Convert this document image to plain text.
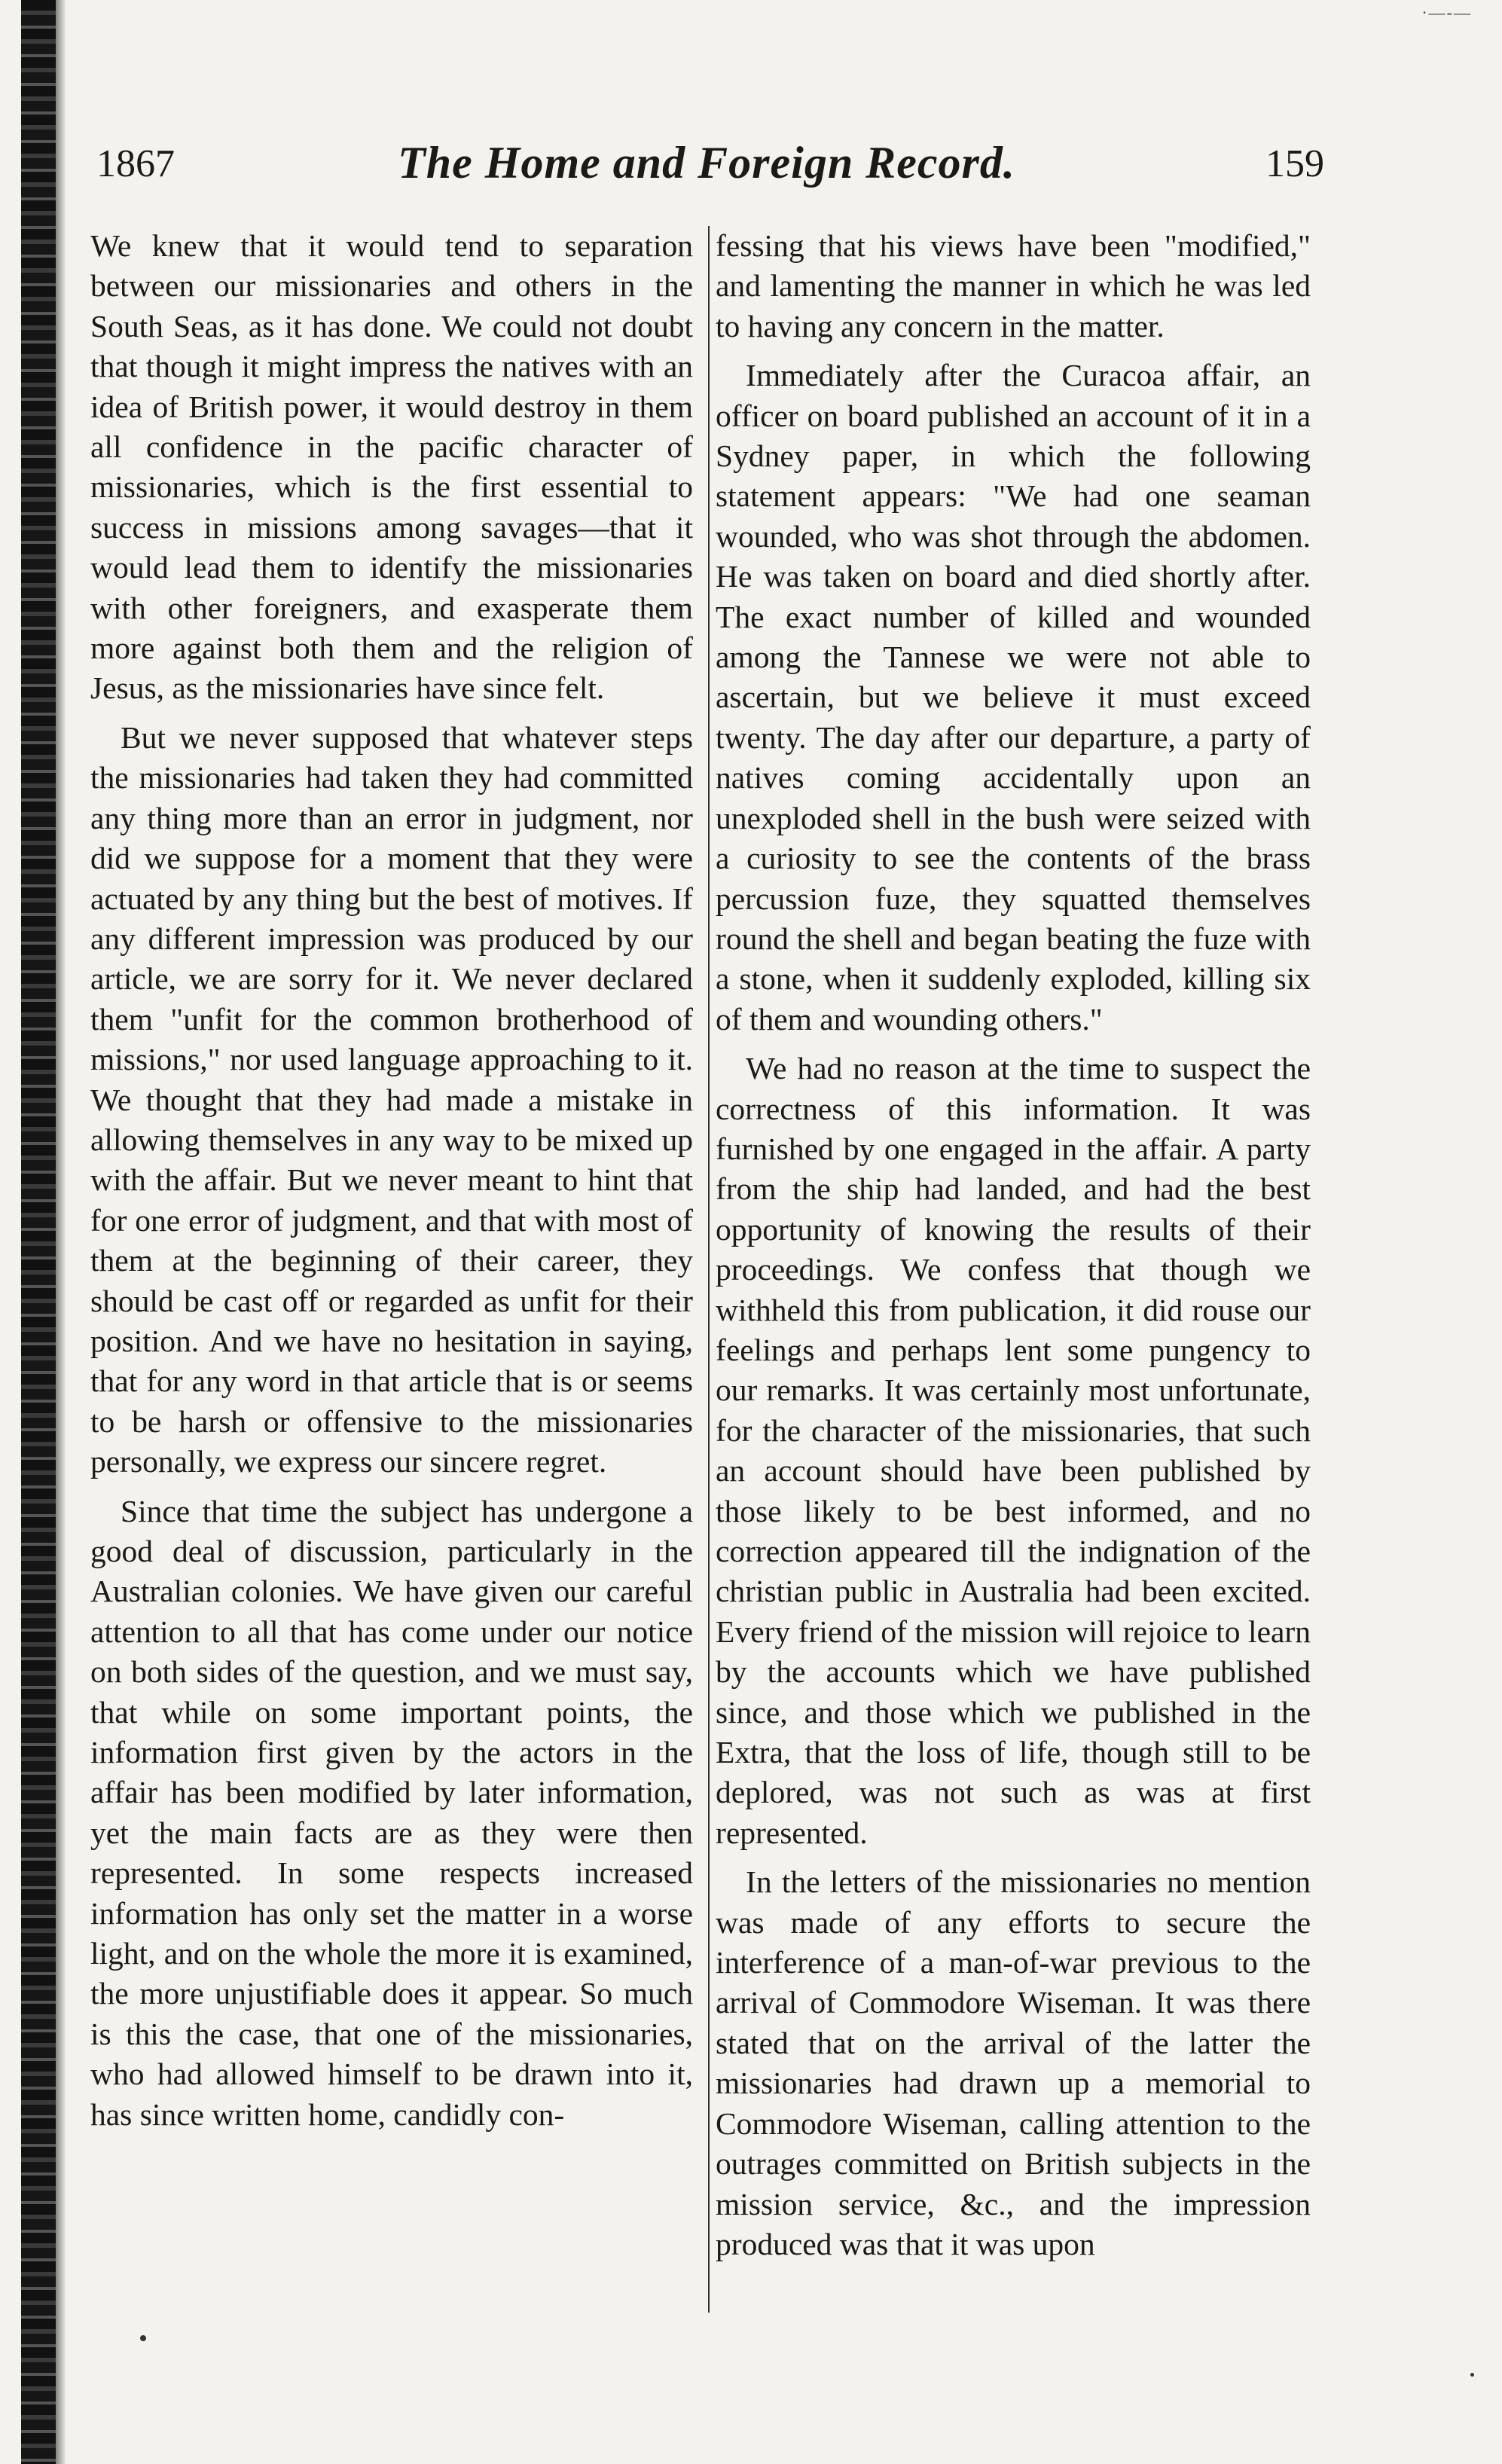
·—-—
1867	The Home and Foreign Record.	159

We knew that it would tend to separation between our missionaries and others in the South Seas, as it has done. We could not doubt that though it might impress the natives with an idea of British power, it would destroy in them all confidence in the pacific character of missionaries, which is the first essential to success in missions among savages—that it would lead them to identify the missionaries with other foreigners, and exasperate them more against both them and the religion of Jesus, as the missionaries have since felt.

But we never supposed that whatever steps the missionaries had taken they had committed any thing more than an error in judgment, nor did we suppose for a moment that they were actuated by any thing but the best of motives. If any different impression was produced by our article, we are sorry for it. We never declared them "unfit for the common brotherhood of missions," nor used language approaching to it. We thought that they had made a mistake in allowing themselves in any way to be mixed up with the affair. But we never meant to hint that for one error of judgment, and that with most of them at the beginning of their career, they should be cast off or regarded as unfit for their position. And we have no hesitation in saying, that for any word in that article that is or seems to be harsh or offensive to the missionaries personally, we express our sincere regret.

Since that time the subject has undergone a good deal of discussion, particularly in the Australian colonies. We have given our careful attention to all that has come under our notice on both sides of the question, and we must say, that while on some important points, the information first given by the actors in the affair has been modified by later information, yet the main facts are as they were then represented. In some respects increased information has only set the matter in a worse light, and on the whole the more it is examined, the more unjustifiable does it appear. So much is this the case, that one of the missionaries, who had allowed himself to be drawn into it, has since written home, candidly con-

fessing that his views have been "modified," and lamenting the manner in which he was led to having any concern in the matter.

Immediately after the Curacoa affair, an officer on board published an account of it in a Sydney paper, in which the following statement appears: "We had one seaman wounded, who was shot through the abdomen. He was taken on board and died shortly after. The exact number of killed and wounded among the Tannese we were not able to ascertain, but we believe it must exceed twenty. The day after our departure, a party of natives coming accidentally upon an unexploded shell in the bush were seized with a curiosity to see the contents of the brass percussion fuze, they squatted themselves round the shell and began beating the fuze with a stone, when it suddenly exploded, killing six of them and wounding others."

We had no reason at the time to suspect the correctness of this information. It was furnished by one engaged in the affair. A party from the ship had landed, and had the best opportunity of knowing the results of their proceedings. We confess that though we withheld this from publication, it did rouse our feelings and perhaps lent some pungency to our remarks. It was certainly most unfortunate, for the character of the missionaries, that such an account should have been published by those likely to be best informed, and no correction appeared till the indignation of the christian public in Australia had been excited. Every friend of the mission will rejoice to learn by the accounts which we have published since, and those which we published in the Extra, that the loss of life, though still to be deplored, was not such as was at first represented.

In the letters of the missionaries no mention was made of any efforts to secure the interference of a man-of-war previous to the arrival of Commodore Wiseman. It was there stated that on the arrival of the latter the missionaries had drawn up a memorial to Commodore Wiseman, calling attention to the outrages committed on British subjects in the mission service, &c., and the impression produced was that it was upon
